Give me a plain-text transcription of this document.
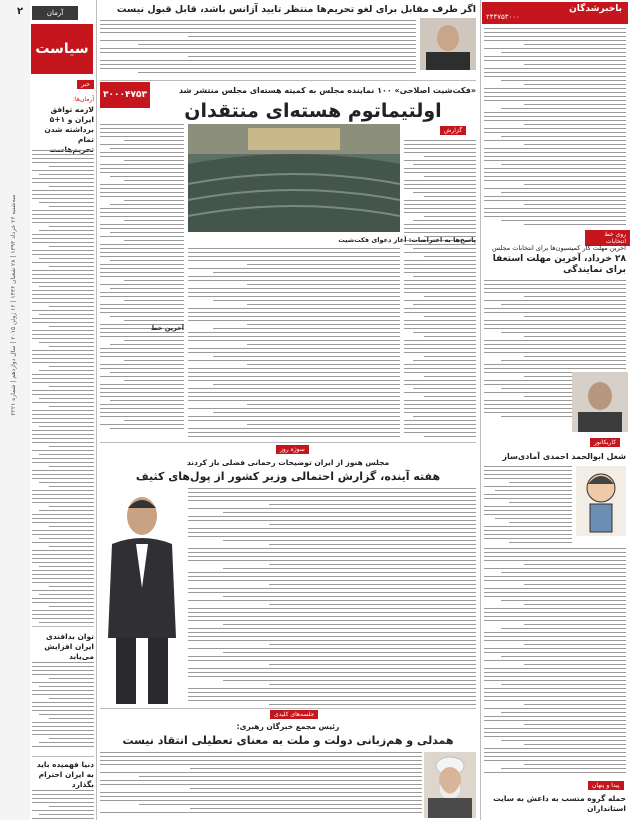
سه‌شنبه ۲۶ خرداد ۱۳۹۴ | ۲۸ شعبان ۱۴۳۶ | ۱۶ ژوئن ۲۰۱۵ | سال دوازدهم | شماره ۳۲۲۱
آرمان
۲
سیاست
خبر
آرمان‌ها:
لازمه توافق ایران و ۱+۵ برداشته شدن تمام
توان بدافندی ایران افزایش می‌یابد
دنیا فهمیده باید به ایران احترام بگذارد
باخبرشدگان
۲۴۴۷۵۳۰۰۰
روی خط انتخابات
آخرین مهلت کار کمیسیون‌ها برای انتخابات مجلس
۲۸ خرداد، آخرین مهلت استعفا برای نمایندگی
کاریکاتور
شغل ابوالحمد احمدی آمادی‌ساز
پیدا و پنهان
حمله گروه متسب به داعش به سایت استانداران
اگر طرف مقابل برای لغو تحریم‌ها منتظر تایید آژانس باشد، قابل قبول نیست
۳۰۰۰۴۷۵۳	«فکت‌شیت اصلاحی» ۱۰۰ نماینده مجلس به کمیته هسته‌ای مجلس منتشر شد
اولتیماتوم هسته‌ای منتقدان
گزارش
پاسخ‌ها به اعتراضات: آغاز دعوای فکت‌شیت
آخرین خط
سوژه روز
مجلس هنوز از ایران توضیحات رحمانی فضلی باز کردند
هفته آینده، گزارش احتمالی وزیر کشور از پول‌های کثیف
جلسه‌های کلیدی
رئیس مجمع خبرگان رهبری:
همدلی و هم‌زبانی دولت و ملت به معنای تعطیلی انتقاد نیست
